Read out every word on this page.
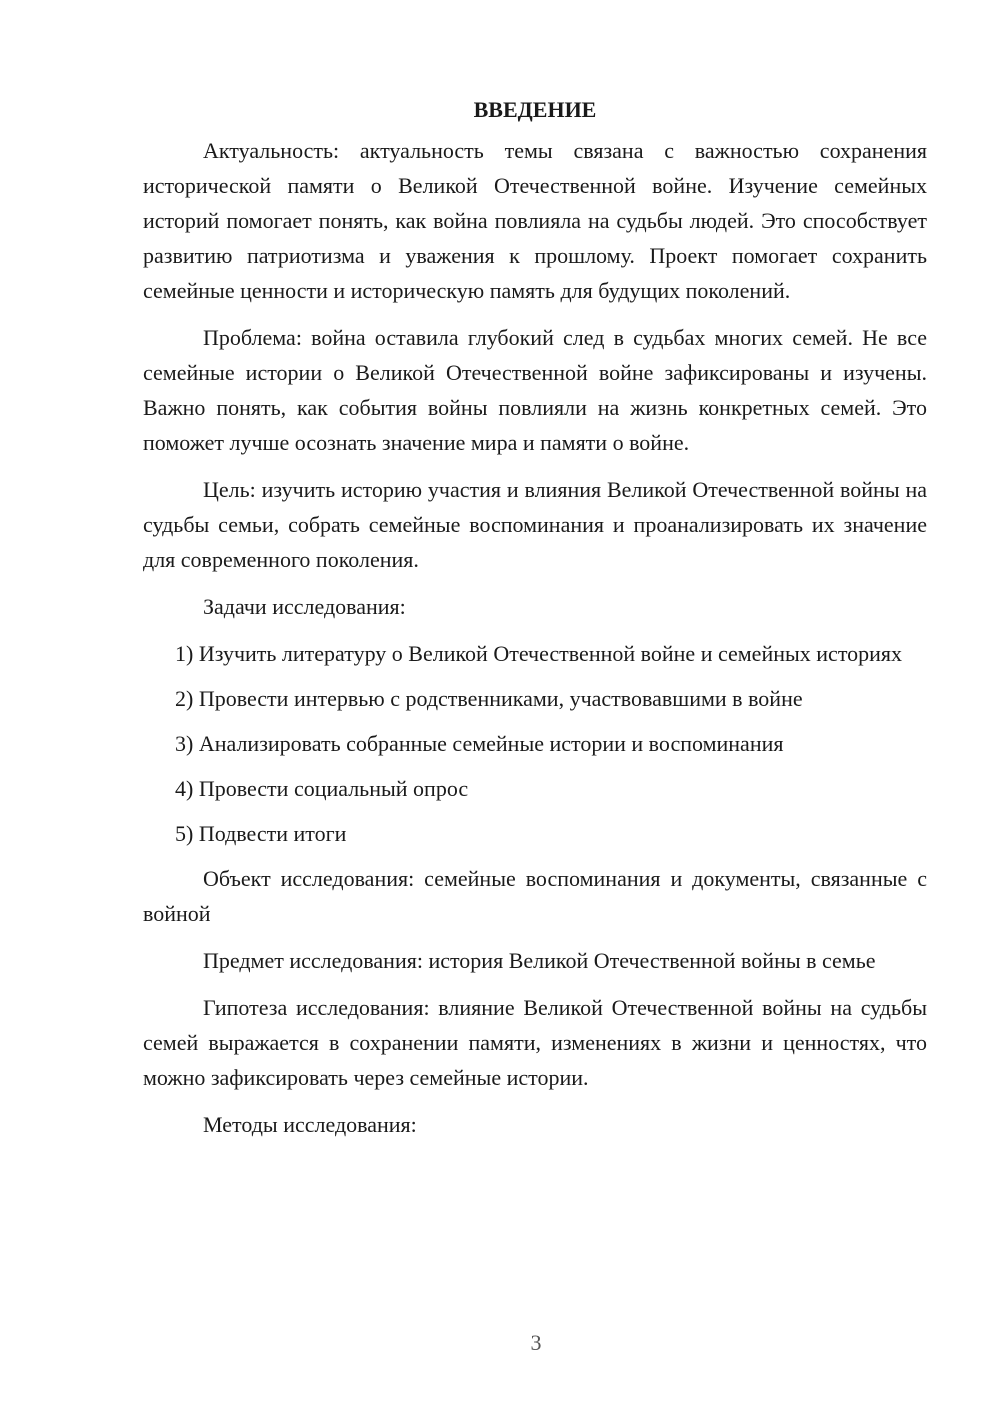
ВВЕДЕНИЕ

Актуальность: актуальность темы связана с важностью сохранения исторической памяти о Великой Отечественной войне. Изучение семейных историй помогает понять, как война повлияла на судьбы людей. Это способствует развитию патриотизма и уважения к прошлому. Проект помогает сохранить семейные ценности и историческую память для будущих поколений.

Проблема: война оставила глубокий след в судьбах многих семей. Не все семейные истории о Великой Отечественной войне зафиксированы и изучены. Важно понять, как события войны повлияли на жизнь конкретных семей. Это поможет лучше осознать значение мира и памяти о войне.

Цель: изучить историю участия и влияния Великой Отечественной войны на судьбы семьи, собрать семейные воспоминания и проанализировать их значение для современного поколения.

Задачи исследования:

1) Изучить литературу о Великой Отечественной войне и семейных историях

2) Провести интервью с родственниками, участвовавшими в войне

3) Анализировать собранные семейные истории и воспоминания

4) Провести социальный опрос

5) Подвести итоги

Объект исследования: семейные воспоминания и документы, связанные с войной

Предмет исследования: история Великой Отечественной войны в семье

Гипотеза исследования: влияние Великой Отечественной войны на судьбы семей выражается в сохранении памяти, изменениях в жизни и ценностях, что можно зафиксировать через семейные истории.

Методы исследования:

3
